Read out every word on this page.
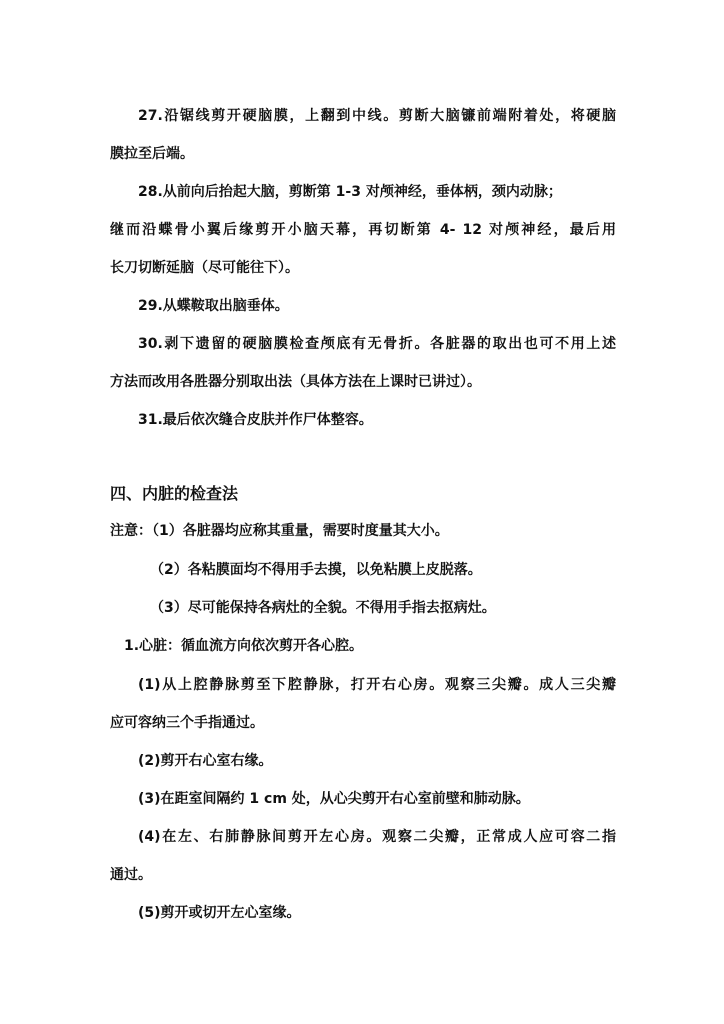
27.沿锯线剪开硬脑膜，上翻到中线。剪断大脑镰前端附着处，将硬脑
膜拉至后端。
28.从前向后抬起大脑，剪断第 1-3 对颅神经，垂体柄，颈内动脉；
继而沿蝶骨小翼后缘剪开小脑天幕，再切断第 4- 12 对颅神经，最后用
长刀切断延脑（尽可能往下）。
29.从蝶鞍取出脑垂体。
30.剥下遗留的硬脑膜检查颅底有无骨折。各脏器的取出也可不用上述
方法而改用各胜器分别取出法（具体方法在上课时已讲过）。
31.最后依次缝合皮肤并作尸体整容。
四、内脏的检查法
注意：（1）各脏器均应称其重量，需要时度量其大小。
（2）各粘膜面均不得用手去摸，以免粘膜上皮脱落。
（3）尽可能保持各病灶的全貌。不得用手指去抠病灶。
1.心脏：循血流方向依次剪开各心腔。
(1)从上腔静脉剪至下腔静脉，打开右心房。观察三尖瓣。成人三尖瓣
应可容纳三个手指通过。
(2)剪开右心室右缘。
(3)在距室间隔约 1 cm 处，从心尖剪开右心室前壁和肺动脉。
(4)在左、右肺静脉间剪开左心房。观察二尖瓣，正常成人应可容二指
通过。
(5)剪开或切开左心室缘。
